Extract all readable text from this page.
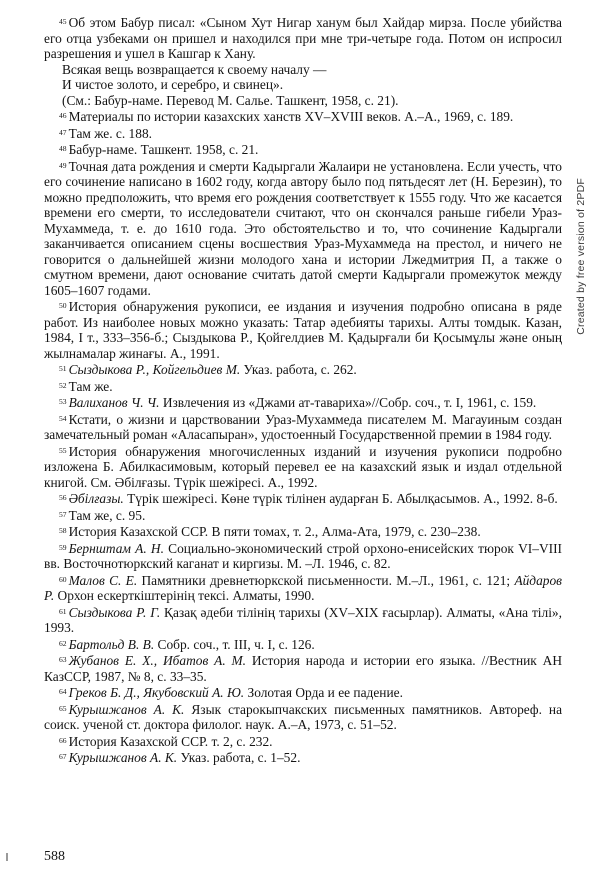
$^{45}$ Об этом Бабур писал: «Сыном Хут Нигар ханум был Хайдар мирза. После убийства его отца узбеками он пришел и находился при мне три-четыре года. Потом он испросил разрешения и ушел в Кашгар к Хану.
Всякая вещь возвращается к своему началу —
И чистое золото, и серебро, и свинец».
(См.: Бабур-наме. Перевод М. Салье. Ташкент, 1958, с. 21).
$^{46}$ Материалы по истории казахских ханств XV–XVIII веков. А.–А., 1969, с. 189.
$^{47}$ Там же. с. 188.
$^{48}$ Бабур-наме. Ташкент. 1958, с. 21.
$^{49}$ Точная дата рождения и смерти Кадыргали Жалаири не установлена. Если учесть, что его сочинение написано в 1602 году, когда автору было под пятьдесят лет (Н. Березин), то можно предположить, что время его рождения соответствует к 1555 году. Что же касается времени его смерти, то исследователи считают, что он скончался раньше гибели Ураз-Мухаммеда, т. е. до 1610 года. Это обстоятельство и то, что сочинение Кадыргали заканчивается описанием сцены восшествия Ураз-Мухаммеда на престол, и ничего не говорится о дальнейшей жизни молодого хана и истории Лжедмитрия П, а также о смутном времени, дают основание считать датой смерти Кадыргали промежуток между 1605–1607 годами.
$^{50}$ История обнаружения рукописи, ее издания и изучения подробно описана в ряде работ. Из наиболее новых можно указать: Татар әдебияты тарихы. Алты томдык. Казан, 1984, I т., 333–356-б.; Сыздыкова Р., Қойгелдиев М. Қадырғали би Қосымұлы және оның жылнамалар жинағы. А., 1991.
$^{51}$ Сыздыкова Р., Койгельдиев М. Указ. работа, с. 262.
$^{52}$ Там же.
$^{53}$ Валиханов Ч. Ч. Извлечения из «Джами ат-таварихa»//Собр. соч., т. I, 1961, с. 159.
$^{54}$ Кстати, о жизни и царствовании Ураз-Мухаммеда писателем М. Магауиным создан замечательный роман «Аласапыран», удостоенный Государственной премии в 1984 году.
$^{55}$ История обнаружения многочисленных изданий и изучения рукописи подробно изложена Б. Абилкасимовым, который перевел ее на казахский язык и издал отдельной книгой. См. Әбілғазы. Түрік шежіресі. А., 1992.
$^{56}$ Әбілғазы. Түрік шежіресі. Көне түрік тілінен аударған Б. Абылқасымов. А., 1992. 8-б.
$^{57}$ Там же, с. 95.
$^{58}$ История Казахской ССР. В пяти томах, т. 2., Алма-Ата, 1979, с. 230–238.
$^{59}$ Бернштам А. Н. Социально-экономический строй орхоно-енисейских тюрок VI–VIII вв. Восточнотюркский каганат и киргизы. М. –Л. 1946, с. 82.
$^{60}$ Малов С. Е. Памятники древнетюркской письменности. М.–Л., 1961, с. 121; Айдаров Р. Орхон ескерткіштерінің тексі. Алматы, 1990.
$^{61}$ Сыздыкова Р. Г. Қазақ әдеби тілінің тарихы (XV–XIX ғасырлар). Алматы, «Ана тілі», 1993.
$^{62}$ Бартольд В. В. Собр. соч., т. III, ч. I, с. 126.
$^{63}$ Жубанов Е. Х., Ибатов А. М. История народа и истории его языка. //Вестник АН КазССР, 1987, № 8, с. 33–35.
$^{64}$ Греков Б. Д., Якубовский А. Ю. Золотая Орда и ее падение.
$^{65}$ Курышжанов А. К. Язык старокыпчакских письменных памятников. Автореф. на соиск. ученой ст. доктора филолог. наук. А.–А, 1973, с. 51–52.
$^{66}$ История Казахской ССР. т. 2, с. 232.
$^{67}$ Курышжанов А. К. Указ. работа, с. 1–52.
Created by free version of 2PDF
588
